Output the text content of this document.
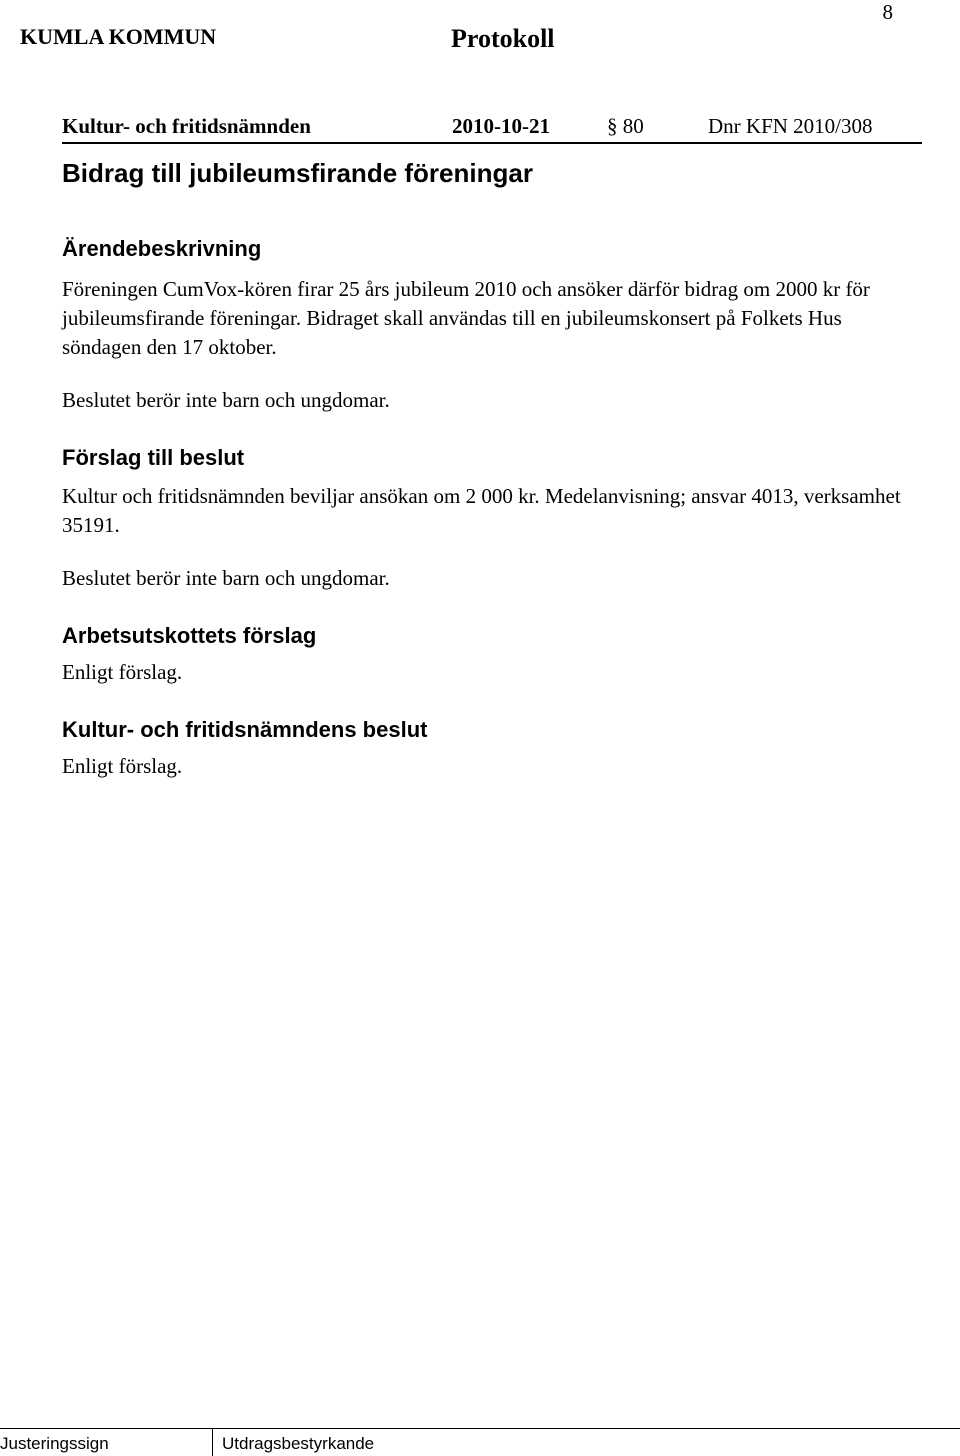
8
KUMLA KOMMUN	Protokoll
Kultur- och fritidsnämnden	2010-10-21	§ 80	Dnr KFN 2010/308
Bidrag till jubileumsfirande föreningar
Ärendebeskrivning
Föreningen CumVox-kören firar 25 års jubileum 2010 och ansöker därför bidrag om 2000 kr för jubileumsfirande föreningar. Bidraget skall användas till en jubileumskonsert på Folkets Hus söndagen den 17 oktober.
Beslutet berör inte barn och ungdomar.
Förslag till beslut
Kultur och fritidsnämnden beviljar ansökan om 2 000 kr. Medelanvisning; ansvar 4013, verksamhet 35191.
Beslutet berör inte barn och ungdomar.
Arbetsutskottets förslag
Enligt förslag.
Kultur- och fritidsnämndens beslut
Enligt förslag.
Justeringssign	Utdragsbestyrkande
